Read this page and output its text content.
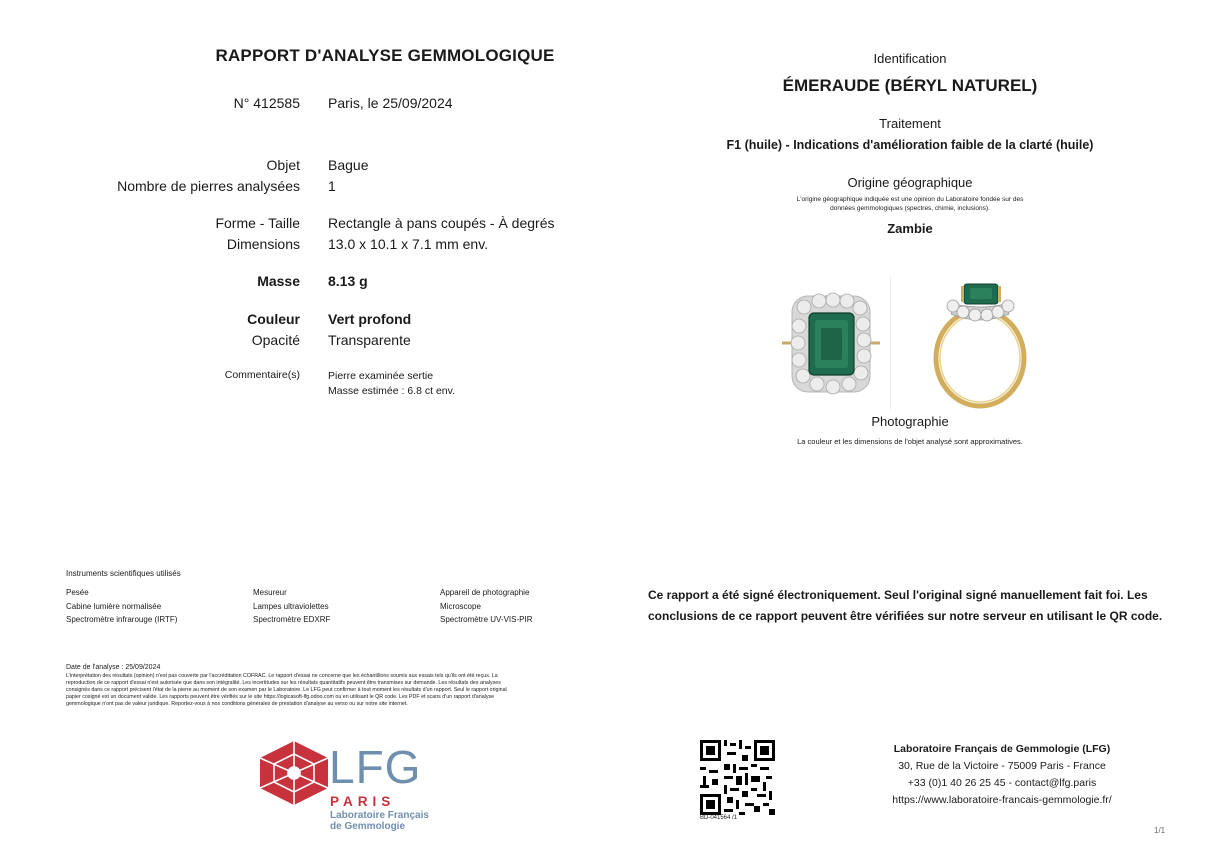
RAPPORT D'ANALYSE GEMMOLOGIQUE
N° 412585 Paris, le 25/09/2024
Objet Bague
Nombre de pierres analysées 1
Forme - Taille Rectangle à pans coupés - À degrés
Dimensions 13.0 x 10.1 x 7.1 mm env.
Masse 8.13 g
Couleur Vert profond
Opacité Transparente
Commentaire(s)	Pierre examinée sertie
Masse estimée : 6.8 ct env.
Identification
ÉMERAUDE (BÉRYL NATUREL)
Traitement
F1 (huile) - Indications d'amélioration faible de la clarté (huile)
Origine géographique
L'origine géographique indiquée est une opinion du Laboratoire fondée sur des
données gemmologiques (spectres, chimie, inclusions).
Zambie
Photographie
La couleur et les dimensions de l'objet analysé sont approximatives.
Instruments scientifiques utilisés
Pesée
Cabine lumière normalisée
Spectromètre infrarouge (IRTF)
Mesureur
Lampes ultraviolettes
Spectromètre EDXRF
Appareil de photographie
Microscope
Spectromètre UV-VIS-PIR
Date de l'analyse : 25/09/2024
L'interprétation des résultats (opinion) n'est pas couverte par l'accréditation COFRAC. Le rapport d'essai ne concerne que les échantillons soumis aux essais tels qu'ils ont été reçus. La
reproduction de ce rapport d'essai n'est autorisée que dans son intégralité. Les incertitudes sur les résultats quantitatifs peuvent être transmises sur demande. Les résultats des analyses
consignés dans ce rapport précisent l'état de la pierre au moment de son examen par le Laboratoire. Le LFG peut confirmer à tout moment les résultats d'un rapport. Seul le rapport original
papier cosigné est un document valide. Les rapports peuvent être vérifiés sur le site https://logicasoft-lfg.odoo.com ou en utilisant le QR code. Les PDF et scans d'un rapport d'analyse
gemmologique n'ont pas de valeur juridique. Reportez-vous à nos conditions générales de prestation d'analyse au verso ou sur notre site internet.
Ce rapport a été signé électroniquement. Seul l'original signé manuellement fait foi. Les conclusions de ce rapport peuvent être vérifiées sur notre serveur en utilisant le QR code.
LFG
PARIS
Laboratoire Français
de Gemmologie
BD-041564 /1
Laboratoire Français de Gemmologie (LFG)
30, Rue de la Victoire - 75009 Paris - France
+33 (0)1 40 26 25 45 - contact@lfg.paris
https://www.laboratoire-francais-gemmologie.fr/
1/1
